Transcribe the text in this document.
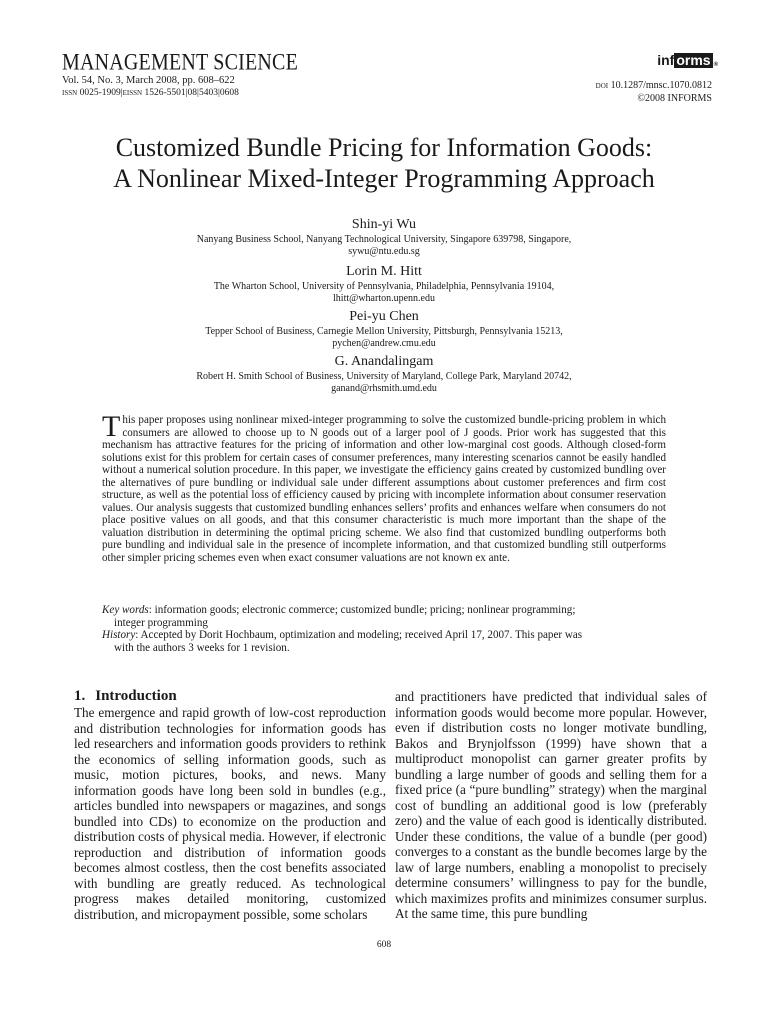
MANAGEMENT SCIENCE
Vol. 54, No. 3, March 2008, pp. 608–622
issn 0025-1909|eissn 1526-5501|08|5403|0608
inf orms ®
doi 10.1287/mnsc.1070.0812
©2008 INFORMS
Customized Bundle Pricing for Information Goods:
A Nonlinear Mixed-Integer Programming Approach
Shin-yi Wu
Nanyang Business School, Nanyang Technological University, Singapore 639798, Singapore,
sywu@ntu.edu.sg
Lorin M. Hitt
The Wharton School, University of Pennsylvania, Philadelphia, Pennsylvania 19104,
lhitt@wharton.upenn.edu
Pei-yu Chen
Tepper School of Business, Carnegie Mellon University, Pittsburgh, Pennsylvania 15213,
pychen@andrew.cmu.edu
G. Anandalingam
Robert H. Smith School of Business, University of Maryland, College Park, Maryland 20742,
ganand@rhsmith.umd.edu
This paper proposes using nonlinear mixed-integer programming to solve the customized bundle-pricing problem in which consumers are allowed to choose up to N goods out of a larger pool of J goods. Prior work has suggested that this mechanism has attractive features for the pricing of information and other low-marginal cost goods. Although closed-form solutions exist for this problem for certain cases of consumer preferences, many interesting scenarios cannot be easily handled without a numerical solution procedure. In this paper, we investigate the efficiency gains created by customized bundling over the alternatives of pure bundling or individual sale under different assumptions about customer preferences and firm cost structure, as well as the potential loss of efficiency caused by pricing with incomplete information about consumer reservation values. Our analysis suggests that customized bundling enhances sellers’ profits and enhances welfare when consumers do not place positive values on all goods, and that this consumer characteristic is much more important than the shape of the valuation distribution in determining the optimal pricing scheme. We also find that customized bundling outperforms both pure bundling and individual sale in the presence of incomplete information, and that customized bundling still outperforms other simpler pricing schemes even when exact consumer valuations are not known ex ante.
Key words: information goods; electronic commerce; customized bundle; pricing; nonlinear programming;
integer programming
History: Accepted by Dorit Hochbaum, optimization and modeling; received April 17, 2007. This paper was
with the authors 3 weeks for 1 revision.
1. Introduction
The emergence and rapid growth of low-cost reproduction and distribution technologies for information goods has led researchers and information goods providers to rethink the economics of selling information goods, such as music, motion pictures, books, and news. Many information goods have long been sold in bundles (e.g., articles bundled into newspapers or magazines, and songs bundled into CDs) to economize on the production and distribution costs of physical media. However, if electronic reproduction and distribution of information goods becomes almost costless, then the cost benefits associated with bundling are greatly reduced. As technological progress makes detailed monitoring, customized distribution, and micropayment possible, some scholars
and practitioners have predicted that individual sales of information goods would become more popular. However, even if distribution costs no longer motivate bundling, Bakos and Brynjolfsson (1999) have shown that a multiproduct monopolist can garner greater profits by bundling a large number of goods and selling them for a fixed price (a “pure bundling” strategy) when the marginal cost of bundling an additional good is low (preferably zero) and the value of each good is identically distributed. Under these conditions, the value of a bundle (per good) converges to a constant as the bundle becomes large by the law of large numbers, enabling a monopolist to precisely determine consumers’ willingness to pay for the bundle, which maximizes profits and minimizes consumer surplus. At the same time, this pure bundling
608
